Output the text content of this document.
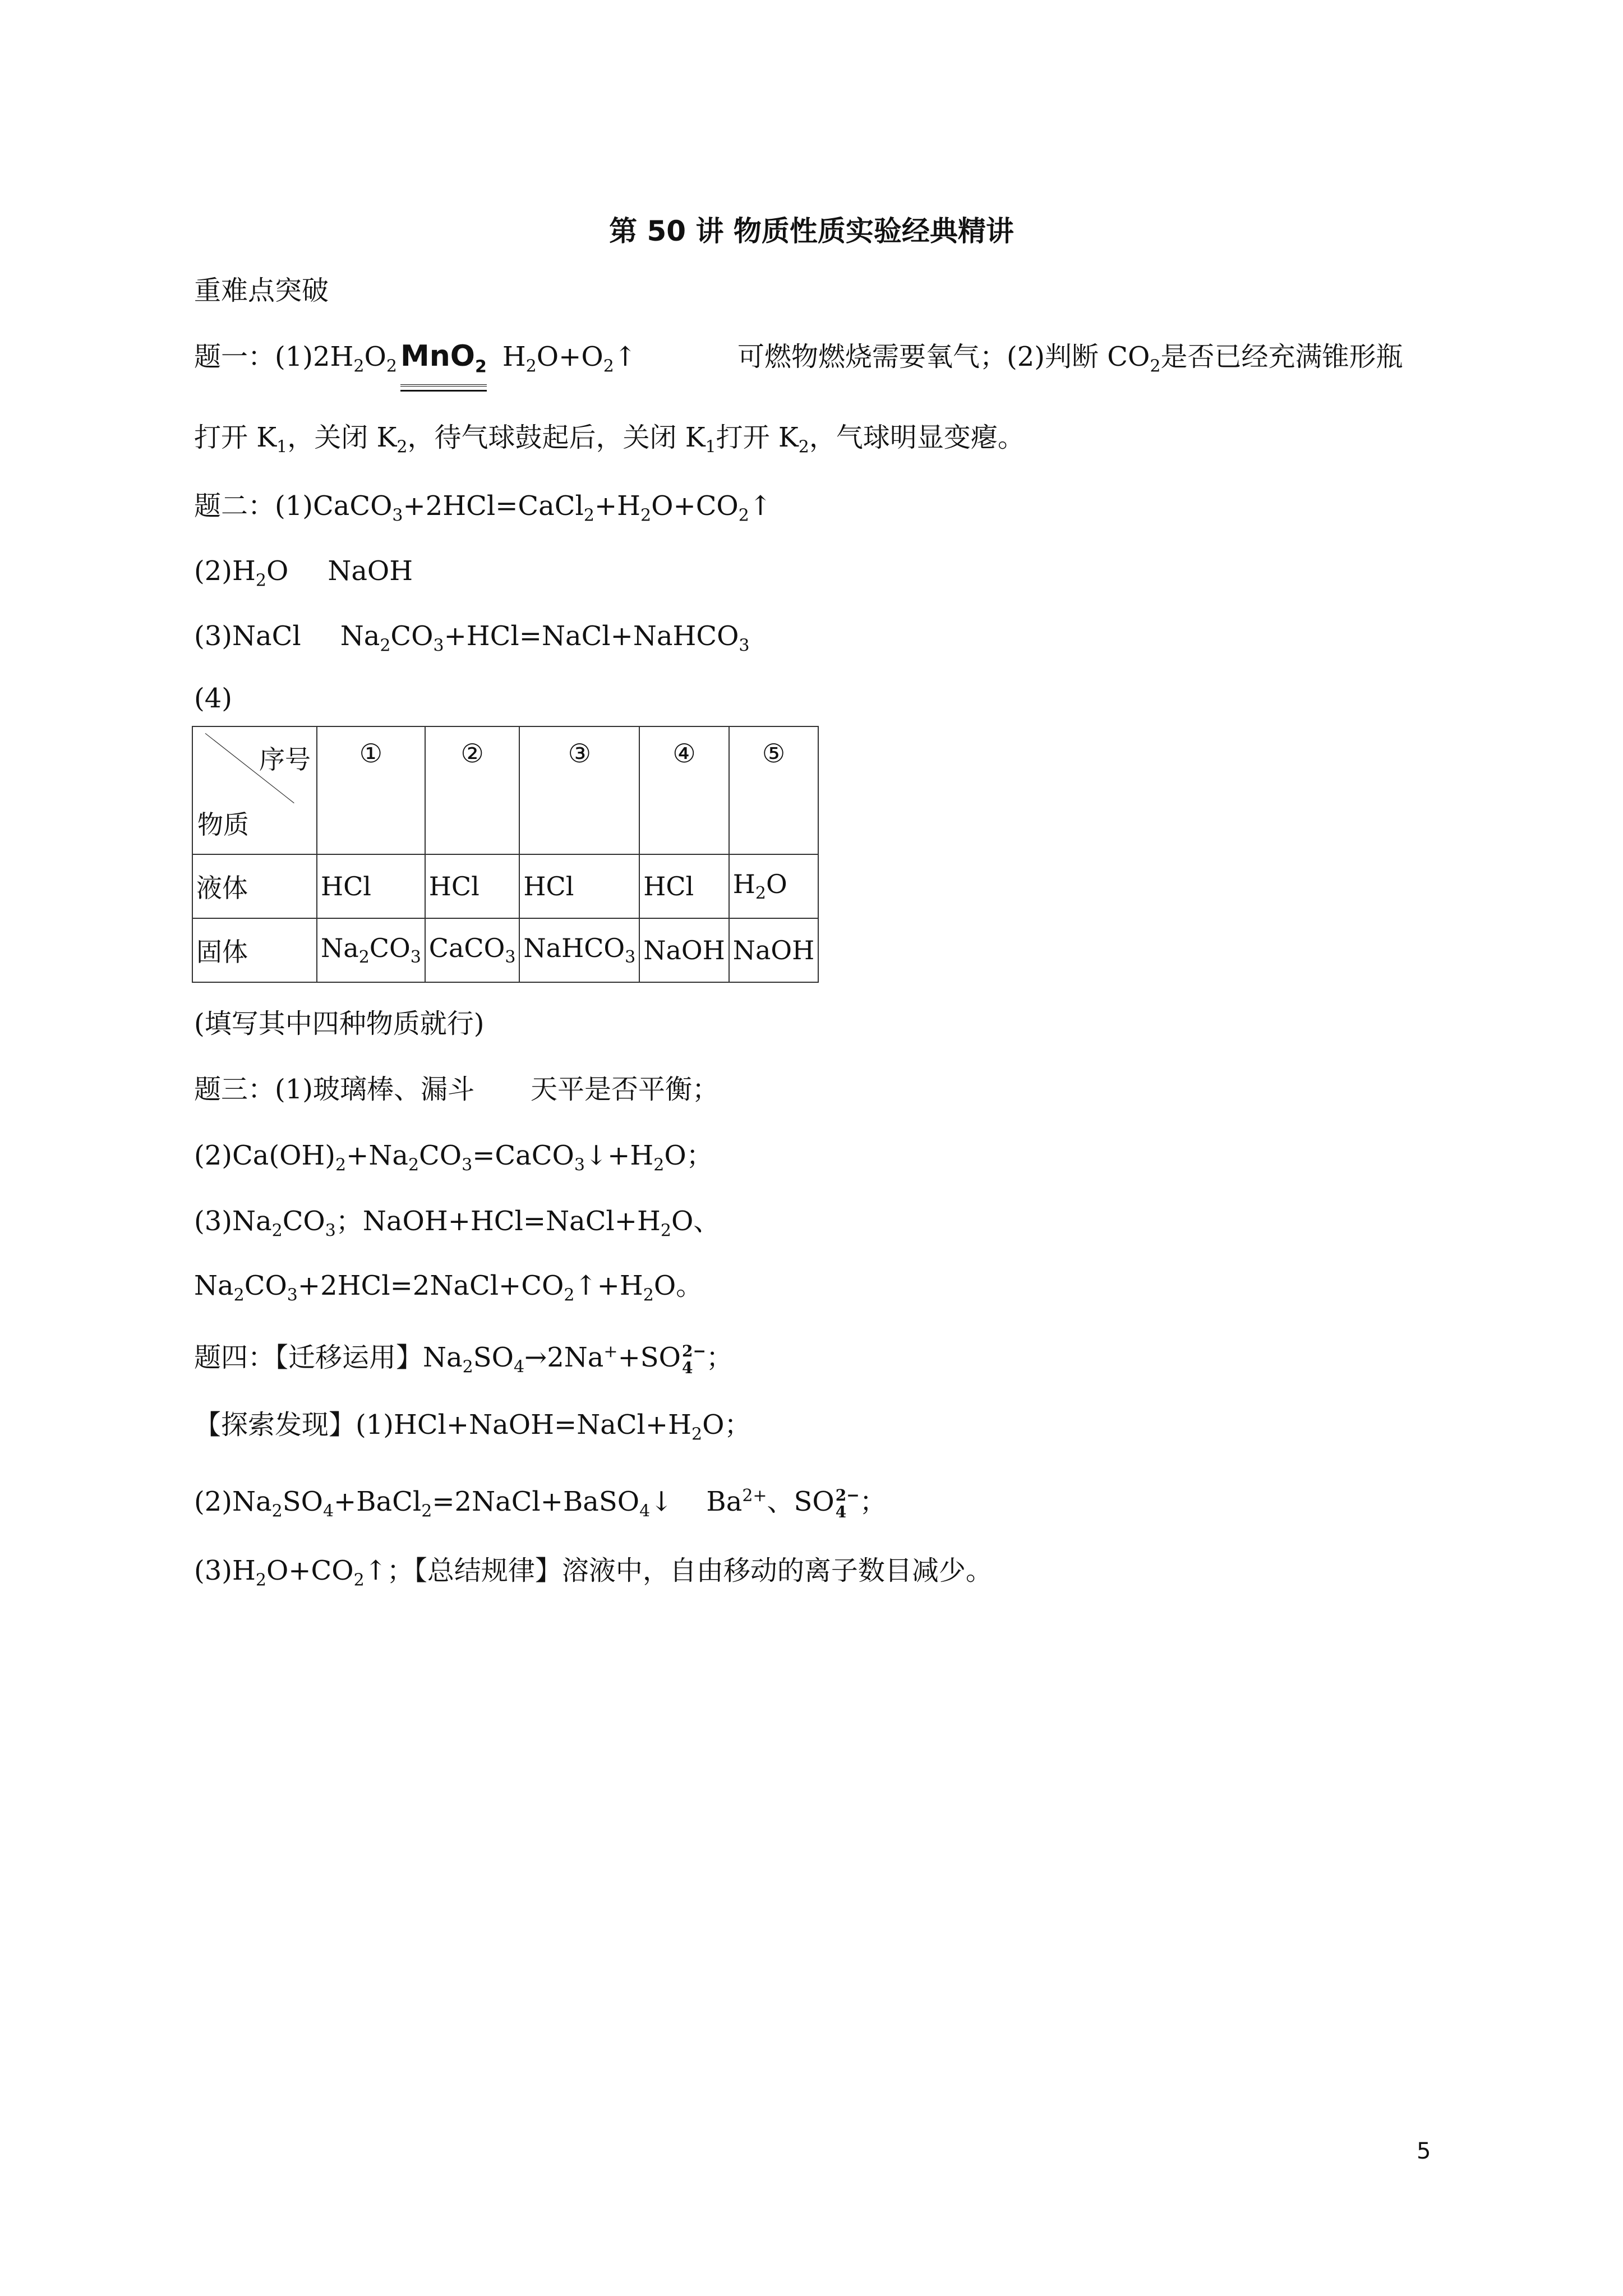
第 50 讲 物质性质实验经典精讲
重难点突破
题一：$(1)2H_2O_2$ MnO$_2$ $H_2O+O_2↑$	可燃物燃烧需要氧气；(2)判断 $CO_2$是否已经充满锥形瓶
打开 $K_1$，关闭 $K_2$，待气球鼓起后，关闭 $K_1$打开 $K_2$，气球明显变瘪。
题二：$(1)CaCO_3+2HCl=CaCl_2+H_2O+CO_2↑$
$(2)H_2O$ NaOH
(3)NaCl $Na_2CO_3+HCl=NaCl+NaHCO_3$
(4)
序号
物质	①	②	③	④	⑤

液体	HCl	HCl	HCl	HCl	$H_2O$
固体	$Na_2CO_3$	CaCO$_3$	NaHCO$_3$	NaOH	NaOH
(填写其中四种物质就行)
题三：(1)玻璃棒、漏斗 天平是否平衡；
$(2)Ca(OH)_2+Na_2CO_3=CaCO_3↓+H_2O$；
$(3)Na_2CO_3$；$NaOH+HCl=NaCl+H_2O$、
$Na_2CO_3+2HCl=2NaCl+CO_2↑+H_2O$。
题四：【迁移运用】$Na_2SO_4\to 2Na^++SO$ 2−
4 ；
【探索发现】$(1)HCl+NaOH=NaCl+H_2O$；
$(2)Na_2SO_4+BaCl_2=2NaCl+BaSO_4↓$ $Ba^{2+}$、SO 2−
4 ；
$(3)H_2O+CO_2↑$；【总结规律】溶液中，自由移动的离子数目减少。
5
